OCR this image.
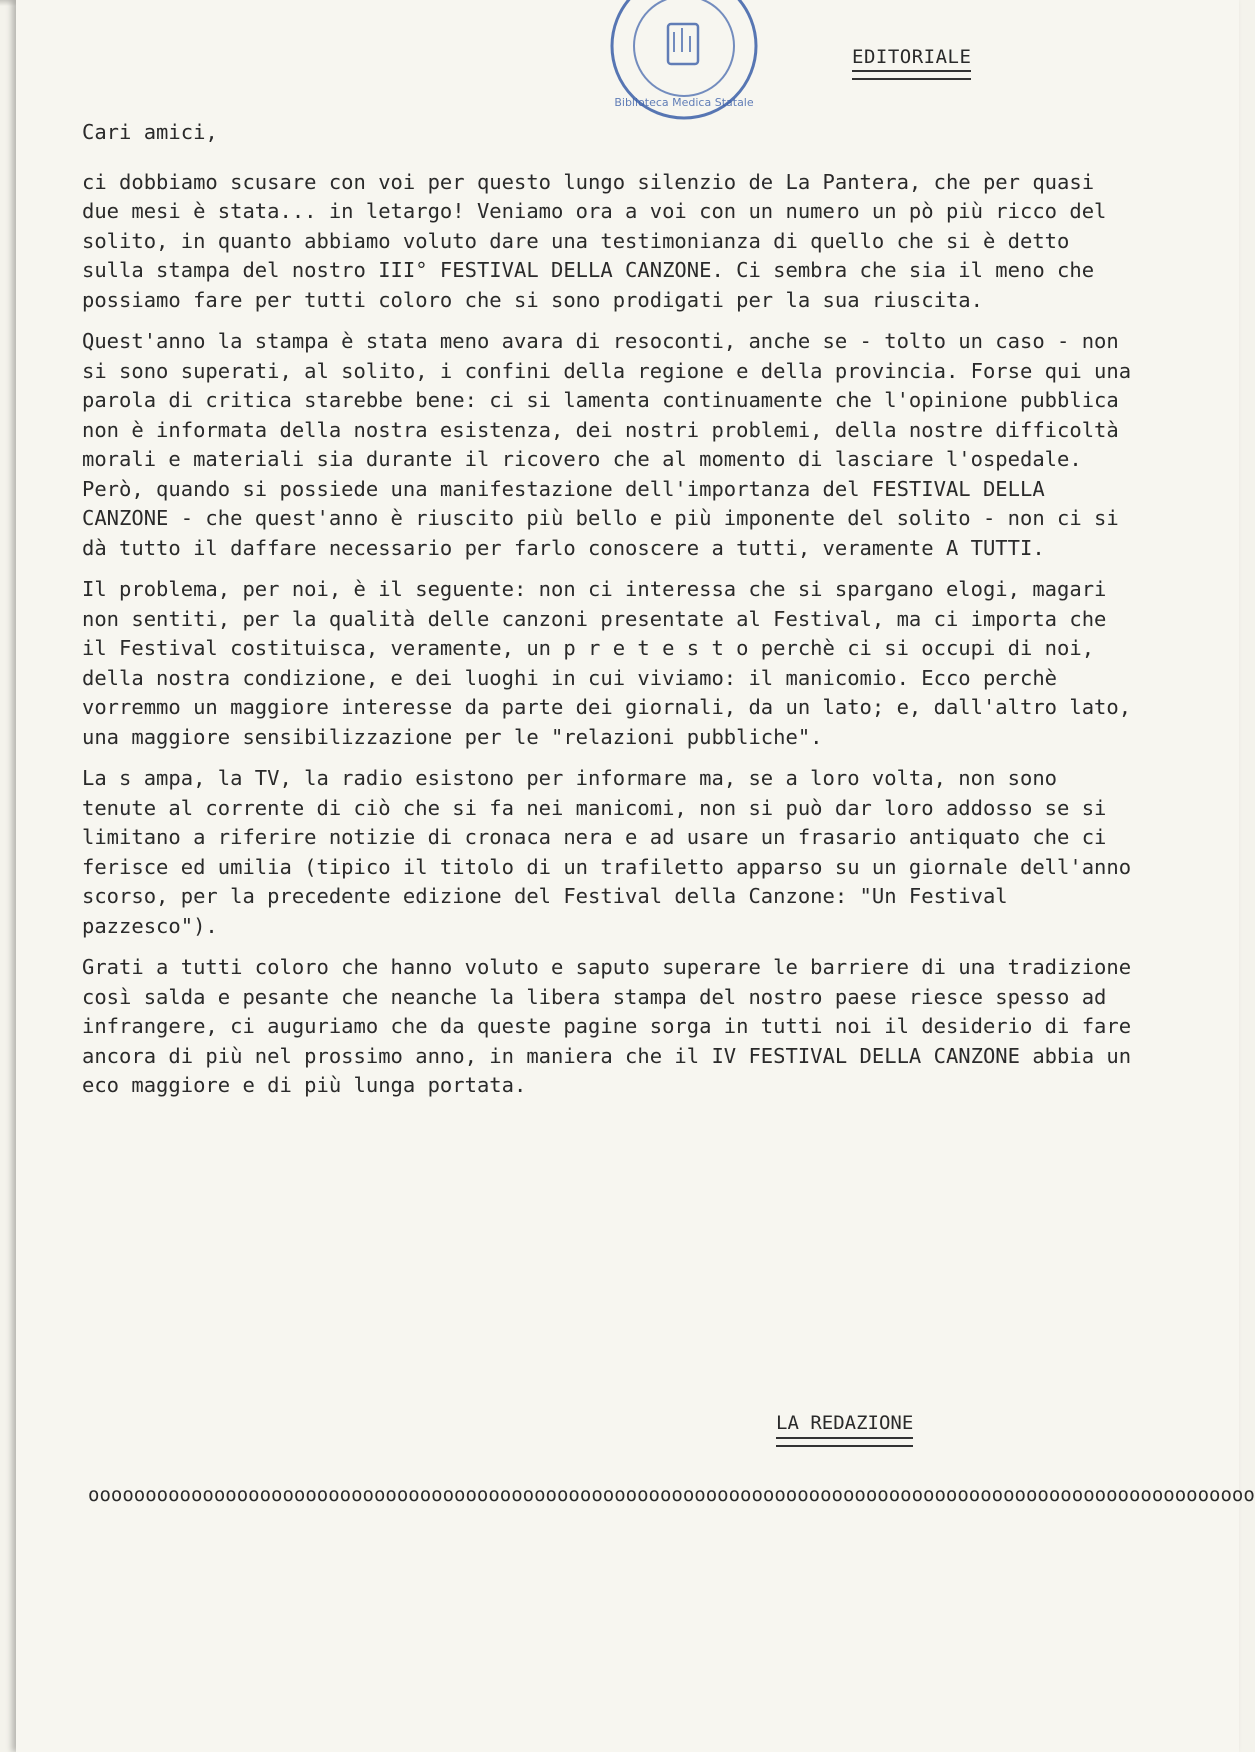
Biblioteca Medica Statale
EDITORIALE

Cari amici,

ci dobbiamo scusare con voi per questo lungo silenzio de La Pantera, che per quasi due mesi è stata... in letargo! Veniamo ora a voi con un numero un pò più ricco del solito, in quanto abbiamo voluto dare una testimonianza di quello che si è detto sulla stampa del nostro III° FESTIVAL DELLA CANZONE. Ci sembra che sia il meno che possiamo fare per tutti coloro che si sono prodigati per la sua riuscita.

Quest'anno la stampa è stata meno avara di resoconti, anche se - tolto un caso - non si sono superati, al solito, i confini della regione e della provincia. Forse qui una parola di critica starebbe bene: ci si lamenta continuamente che l'opinione pubblica non è informata della nostra esistenza, dei nostri problemi, della nostre difficoltà morali e materiali sia durante il ricovero che al momento di lasciare l'ospedale. Però, quando si possiede una manifestazione dell'importanza del FESTIVAL DELLA CANZONE - che quest'anno è riuscito più bello e più imponente del solito - non ci si dà tutto il daffare necessario per farlo conoscere a tutti, veramente A TUTTI.

Il problema, per noi, è il seguente: non ci interessa che si spargano elogi, magari non sentiti, per la qualità delle canzoni presentate al Festival, ma ci importa che il Festival costituisca, veramente, un p r e t e s t o perchè ci si occupi di noi, della nostra condizione, e dei luoghi in cui viviamo: il manicomio. Ecco perchè vorremmo un maggiore interesse da parte dei giornali, da un lato; e, dall'altro lato, una maggiore sensibilizzazione per le "relazioni pubbliche".

La s ampa, la TV, la radio esistono per informare ma, se a loro volta, non sono tenute al corrente di ciò che si fa nei manicomi, non si può dar loro addosso se si limitano a riferire notizie di cronaca nera e ad usare un frasario antiquato che ci ferisce ed umilia (tipico il titolo di un trafiletto apparso su un giornale dell'anno scorso, per la precedente edizione del Festival della Canzone: "Un Festival pazzesco").

Grati a tutti coloro che hanno voluto e saputo superare le barriere di una tradizione così salda e pesante che neanche la libera stampa del nostro paese riesce spesso ad infrangere, ci auguriamo che da queste pagine sorga in tutti noi il desiderio di fare ancora di più nel prossimo anno, in maniera che il IV FESTIVAL DELLA CANZONE abbia un eco maggiore e di più lunga portata.

LA REDAZIONE
oooooooooooooooooooooooooooooooooooooooooooooooooooooooooooooooooooooooooooooooooooooooooooooooooooooo
